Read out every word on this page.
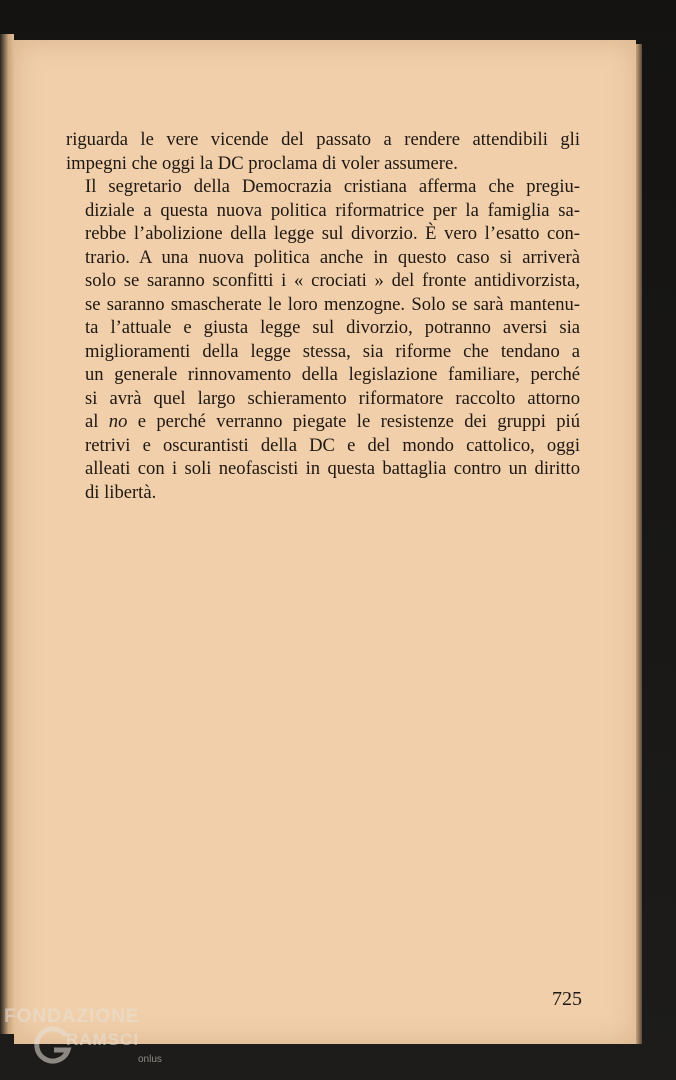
riguarda le vere vicende del passato a rendere attendibili gli
impegni che oggi la DC proclama di voler assumere.

Il segretario della Democrazia cristiana afferma che pregiu-
diziale a questa nuova politica riformatrice per la famiglia sa-
rebbe l’abolizione della legge sul divorzio. È vero l’esatto con-
trario. A una nuova politica anche in questo caso si arriverà
solo se saranno sconfitti i « crociati » del fronte antidivorzista,
se saranno smascherate le loro menzogne. Solo se sarà mantenu-
ta l’attuale e giusta legge sul divorzio, potranno aversi sia
miglioramenti della legge stessa, sia riforme che tendano a
un generale rinnovamento della legislazione familiare, perché
si avrà quel largo schieramento riformatore raccolto attorno
al no e perché verranno piegate le resistenze dei gruppi piú
retrivi e oscurantisti della DC e del mondo cattolico, oggi
alleati con i soli neofascisti in questa battaglia contro un diritto
di libertà.

725
FONDAZIONE
RAMSCI
onlus
